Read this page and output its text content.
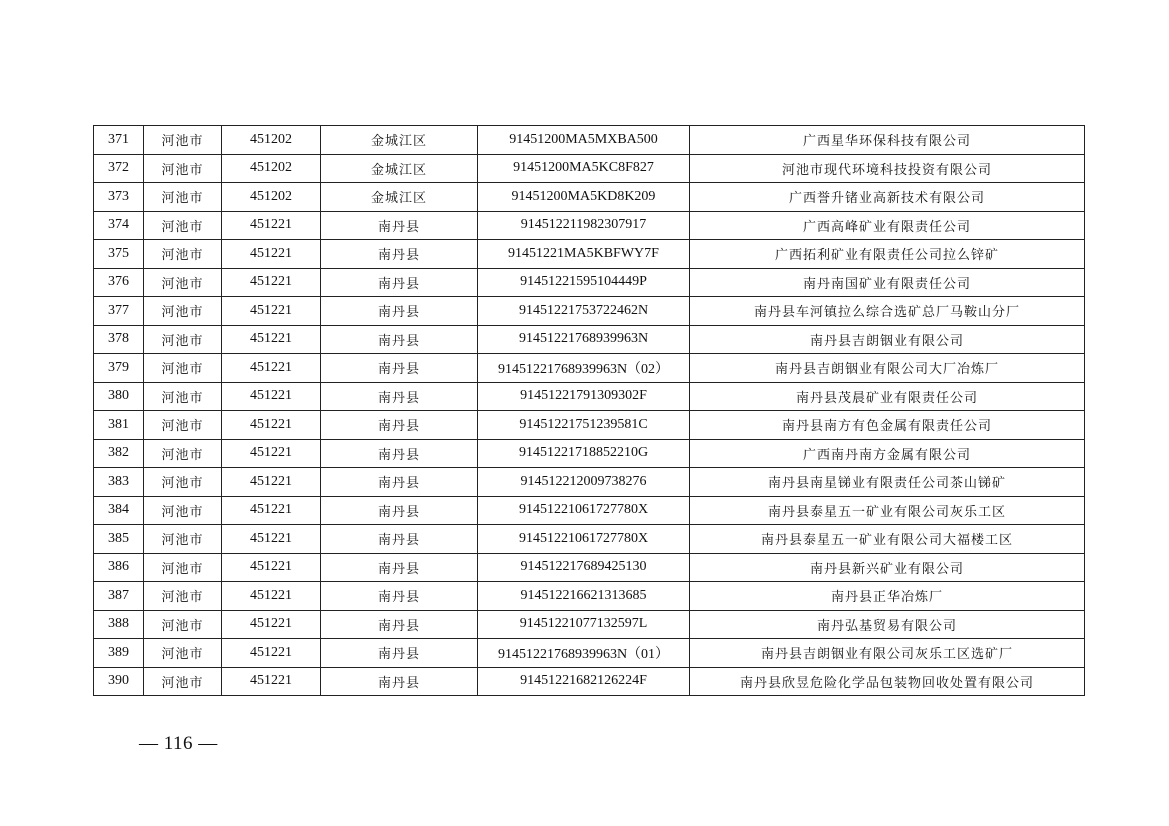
371	河池市	451202	金城江区	91451200MA5MXBA500	广西星华环保科技有限公司
372	河池市	451202	金城江区	91451200MA5KC8F827	河池市现代环境科技投资有限公司
373	河池市	451202	金城江区	91451200MA5KD8K209	广西誉升锗业高新技术有限公司
374	河池市	451221	南丹县	914512211982307917	广西高峰矿业有限责任公司
375	河池市	451221	南丹县	91451221MA5KBFWY7F	广西拓利矿业有限责任公司拉么锌矿
376	河池市	451221	南丹县	91451221595104449P	南丹南国矿业有限责任公司
377	河池市	451221	南丹县	91451221753722462N	南丹县车河镇拉么综合选矿总厂马鞍山分厂
378	河池市	451221	南丹县	91451221768939963N	南丹县吉朗铟业有限公司
379	河池市	451221	南丹县	91451221768939963N（02）	南丹县吉朗铟业有限公司大厂冶炼厂
380	河池市	451221	南丹县	91451221791309302F	南丹县茂晨矿业有限责任公司
381	河池市	451221	南丹县	91451221751239581C	南丹县南方有色金属有限责任公司
382	河池市	451221	南丹县	91451221718852210G	广西南丹南方金属有限公司
383	河池市	451221	南丹县	914512212009738276	南丹县南星锑业有限责任公司茶山锑矿
384	河池市	451221	南丹县	91451221061727780X	南丹县泰星五一矿业有限公司灰乐工区
385	河池市	451221	南丹县	91451221061727780X	南丹县泰星五一矿业有限公司大福楼工区
386	河池市	451221	南丹县	914512217689425130	南丹县新兴矿业有限公司
387	河池市	451221	南丹县	914512216621313685	南丹县正华冶炼厂
388	河池市	451221	南丹县	91451221077132597L	南丹弘基贸易有限公司
389	河池市	451221	南丹县	91451221768939963N（01）	南丹县吉朗铟业有限公司灰乐工区选矿厂
390	河池市	451221	南丹县	91451221682126224F	南丹县欣昱危险化学品包装物回收处置有限公司
— 116 —
